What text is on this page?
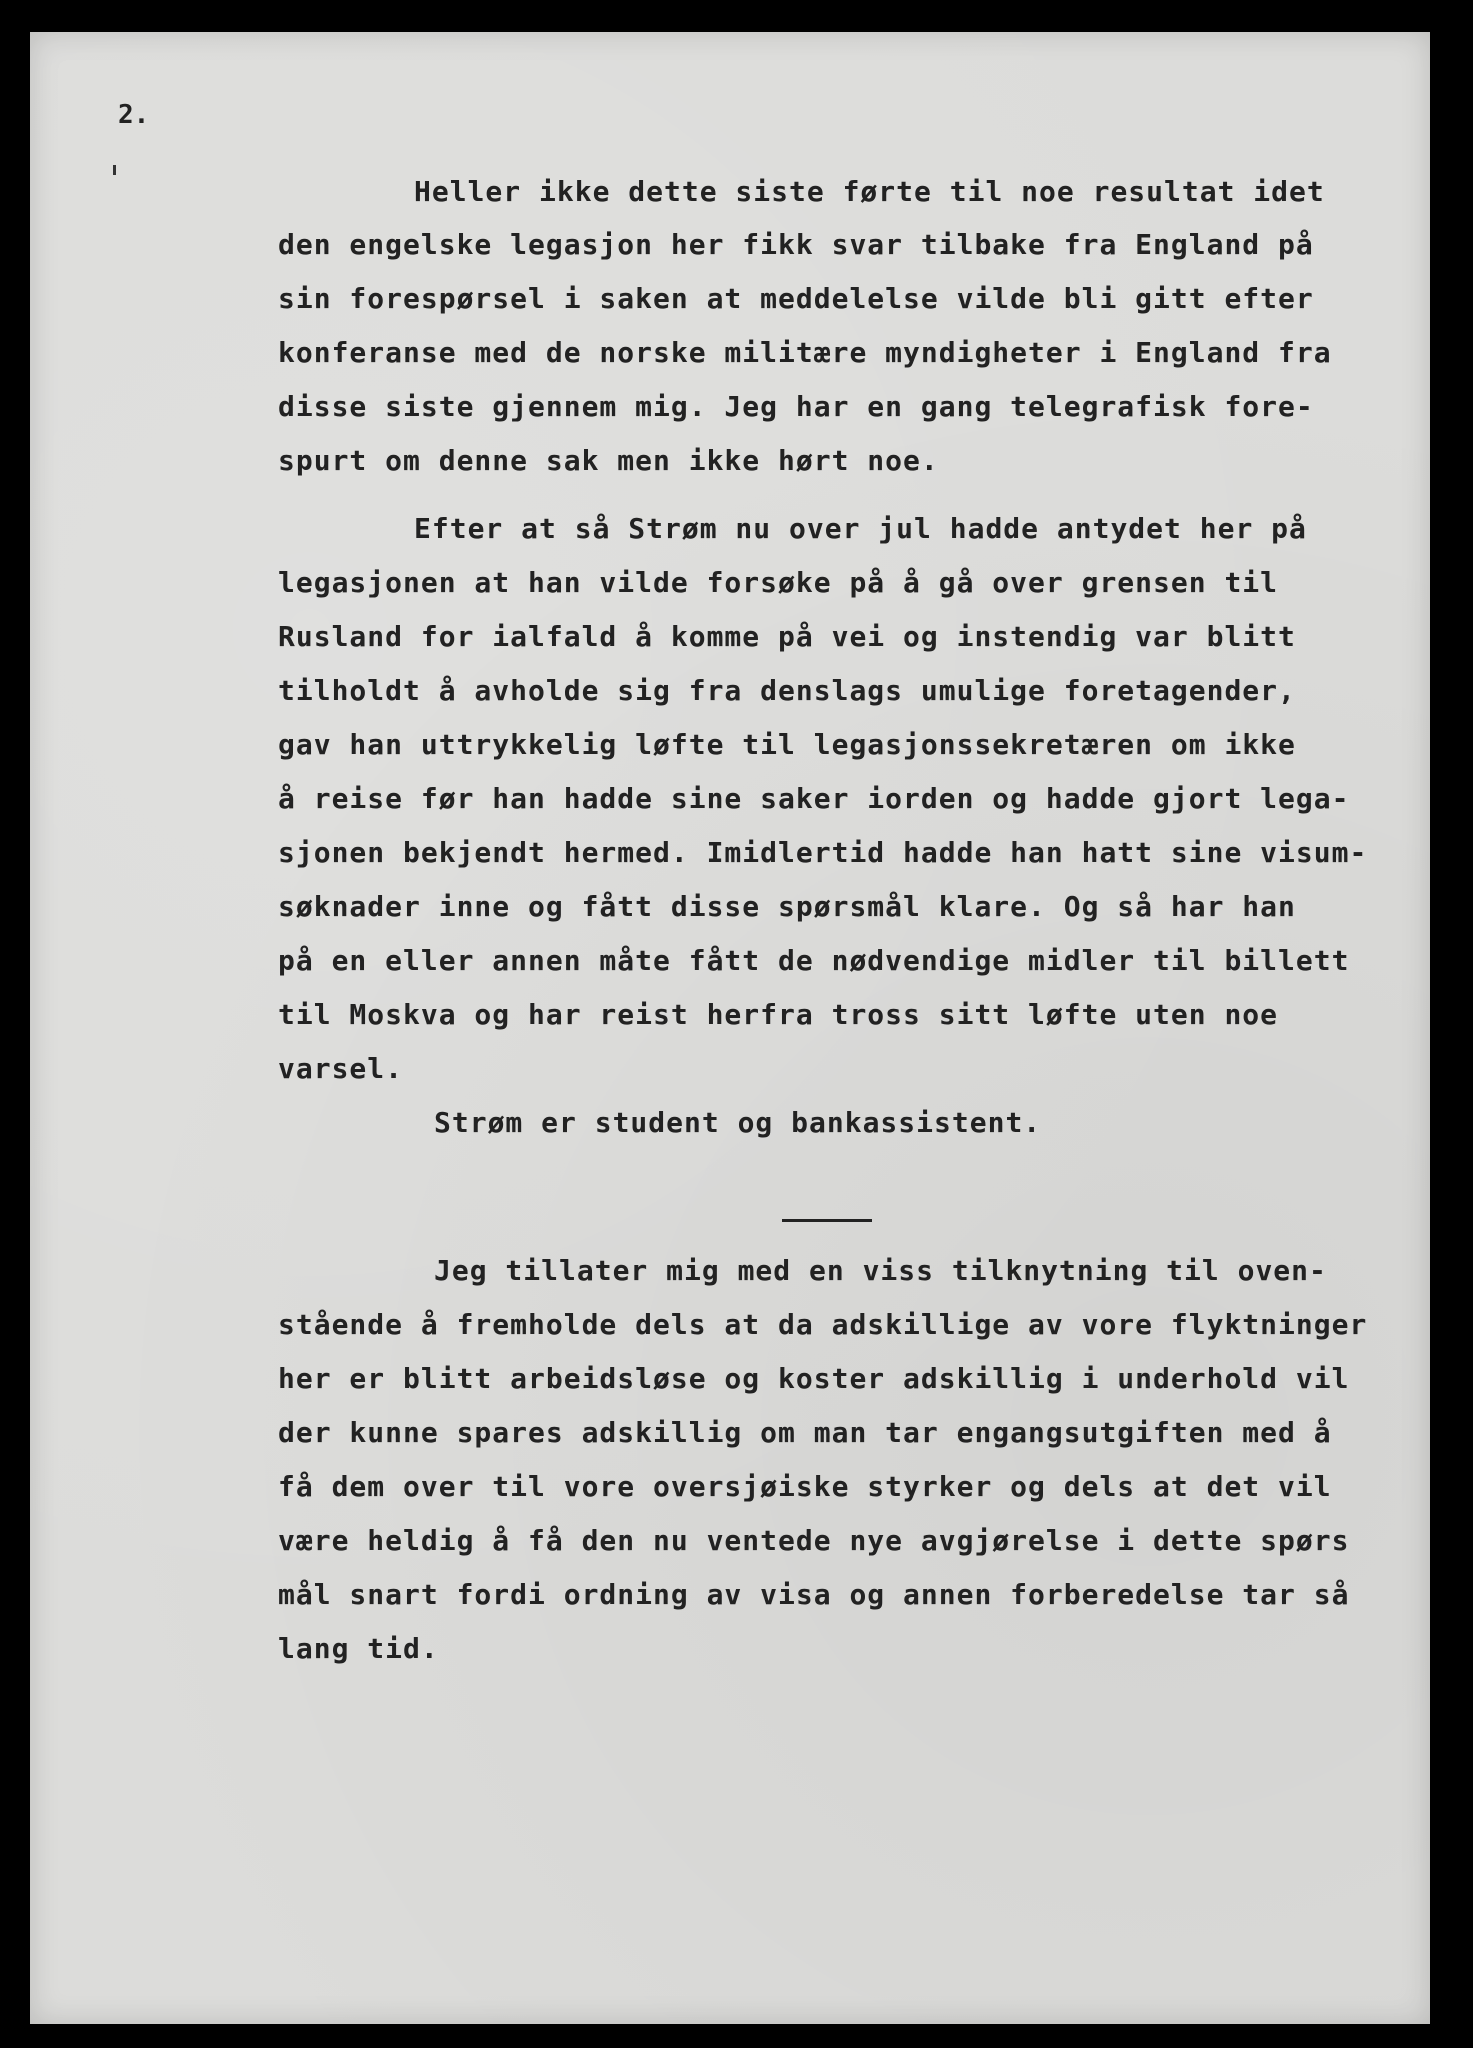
2.
Heller ikke dette siste førte til noe resultat idet
den engelske legasjon her fikk svar tilbake fra England på
sin forespørsel i saken at meddelelse vilde bli gitt efter
konferanse med de norske militære myndigheter i England fra
disse siste gjennem mig. Jeg har en gang telegrafisk fore-
spurt om denne sak men ikke hørt noe.
Efter at så Strøm nu over jul hadde antydet her på
legasjonen at han vilde forsøke på å gå over grensen til
Rusland for ialfald å komme på vei og instendig var blitt
tilholdt å avholde sig fra denslags umulige foretagender,
gav han uttrykkelig løfte til legasjonssekretæren om ikke
å reise før han hadde sine saker iorden og hadde gjort lega-
sjonen bekjendt hermed. Imidlertid hadde han hatt sine visum-
søknader inne og fått disse spørsmål klare. Og så har han
på en eller annen måte fått de nødvendige midler til billett
til Moskva og har reist herfra tross sitt løfte uten noe
varsel.
Strøm er student og bankassistent.
Jeg tillater mig med en viss tilknytning til oven-
stående å fremholde dels at da adskillige av vore flyktninger
her er blitt arbeidsløse og koster adskillig i underhold vil
der kunne spares adskillig om man tar engangsutgiften med å
få dem over til vore oversjøiske styrker og dels at det vil
være heldig å få den nu ventede nye avgjørelse i dette spørs
mål snart fordi ordning av visa og annen forberedelse tar så
lang tid.
